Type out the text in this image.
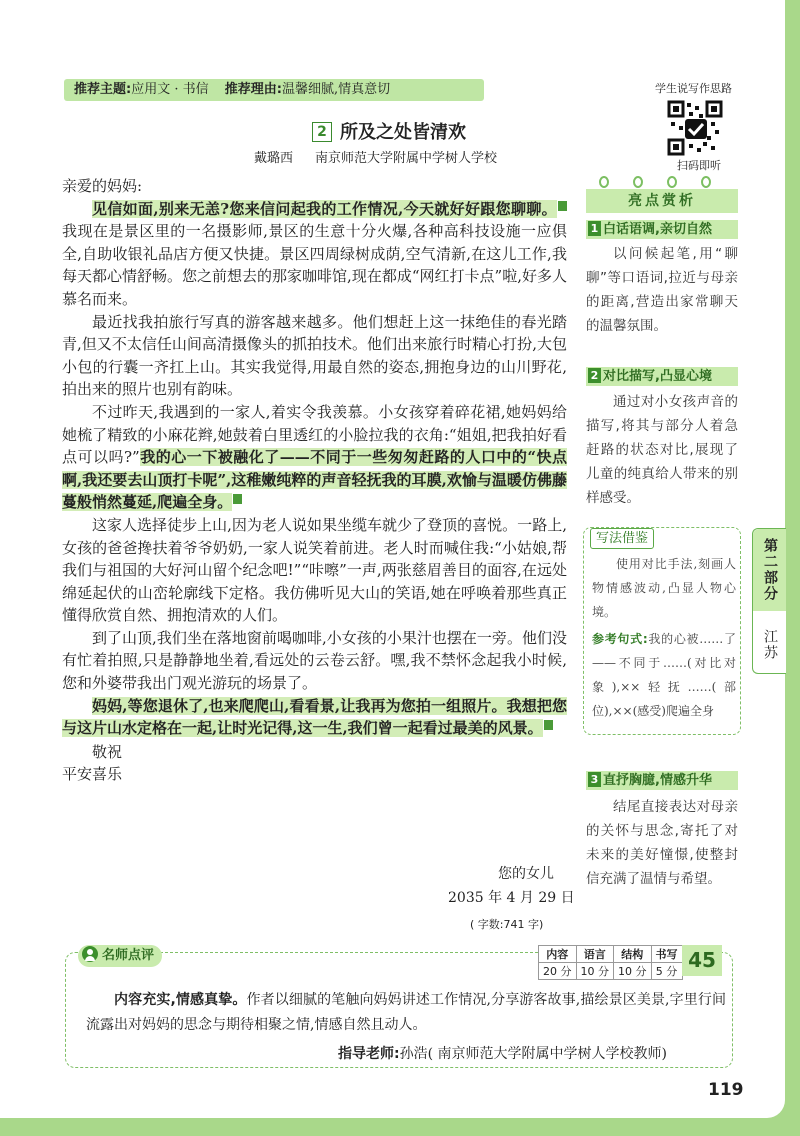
推荐主题:应用文 · 书信 推荐理由:温馨细腻,情真意切	学生说写作思路
扫码即听
2 所及之处皆清欢
戴璐西 南京师范大学附属中学树人学校

亲爱的妈妈:

见信如面,别来无恙?您来信问起我的工作情况,今天就好好跟您聊聊。我现在是景区里的一名摄影师,景区的生意十分火爆,各种高科技设施一应俱全,自助收银礼品店方便又快捷。景区四周绿树成荫,空气清新,在这儿工作,我每天都心情舒畅。您之前想去的那家咖啡馆,现在都成“网红打卡点”啦,好多人慕名而来。

最近找我拍旅行写真的游客越来越多。他们想赶上这一抹绝佳的春光踏青,但又不太信任山间高清摄像头的抓拍技术。他们出来旅行时精心打扮,大包小包的行囊一齐扛上山。其实我觉得,用最自然的姿态,拥抱身边的山川野花,拍出来的照片也别有韵味。

不过昨天,我遇到的一家人,着实令我羡慕。小女孩穿着碎花裙,她妈妈给她梳了精致的小麻花辫,她鼓着白里透红的小脸拉我的衣角:“姐姐,把我拍好看点可以吗?”我的心一下被融化了——不同于一些匆匆赶路的人口中的“快点啊,我还要去山顶打卡呢”,这稚嫩纯粹的声音轻抚我的耳膜,欢愉与温暖仿佛藤蔓般悄然蔓延,爬遍全身。	2

这家人选择徒步上山,因为老人说如果坐缆车就少了登顶的喜悦。一路上,女孩的爸爸搀扶着爷爷奶奶,一家人说笑着前进。老人时而喊住我:“小姑娘,帮我们与祖国的大好河山留个纪念吧!”“咔嚓”一声,两张慈眉善目的面容,在远处绵延起伏的山峦轮廓线下定格。我仿佛听见大山的笑语,她在呼唤着那些真正懂得欣赏自然、拥抱清欢的人们。

到了山顶,我们坐在落地窗前喝咖啡,小女孩的小果汁也摆在一旁。他们没有忙着拍照,只是静静地坐着,看远处的云卷云舒。嘿,我不禁怀念起我小时候,您和外婆带我出门观光游玩的场景了。

妈妈,等您退休了,也来爬爬山,看看景,让我再为您拍一组照片。我想把您与这片山水定格在一起,让时光记得,这一生,我们曾一起看过最美的风景。	3

敬祝

平安喜乐

您的女儿
2035 年 4 月 29 日
( 字数:741 字)
亮点赏析
1 白话语调,亲切自然
以问候起笔,用“聊聊”等口语词,拉近与母亲的距离,营造出家常聊天的温馨氛围。
2 对比描写,凸显心境
通过对小女孩声音的描写,将其与部分人着急赶路的状态对比,展现了儿童的纯真给人带来的别样感受。
写法借鉴
使用对比手法,刻画人物情感波动,凸显人物心境。
参考句式:我的心被……了——不同于……(对比对象),××轻抚……(部位),××(感受)爬遍全身
3 直抒胸臆,情感升华
结尾直接表达对母亲的关怀与思念,寄托了对未来的美好憧憬,使整封信充满了温情与希望。
第二部分
江苏
名师点评	内容	语言	结构	书写
20 分	10 分	10 分	5 分 45
内容充实,情感真挚。作者以细腻的笔触向妈妈讲述工作情况,分享游客故事,描绘景区美景,字里行间流露出对妈妈的思念与期待相聚之情,情感自然且动人。
指导老师:孙浩( 南京师范大学附属中学树人学校教师)
119
